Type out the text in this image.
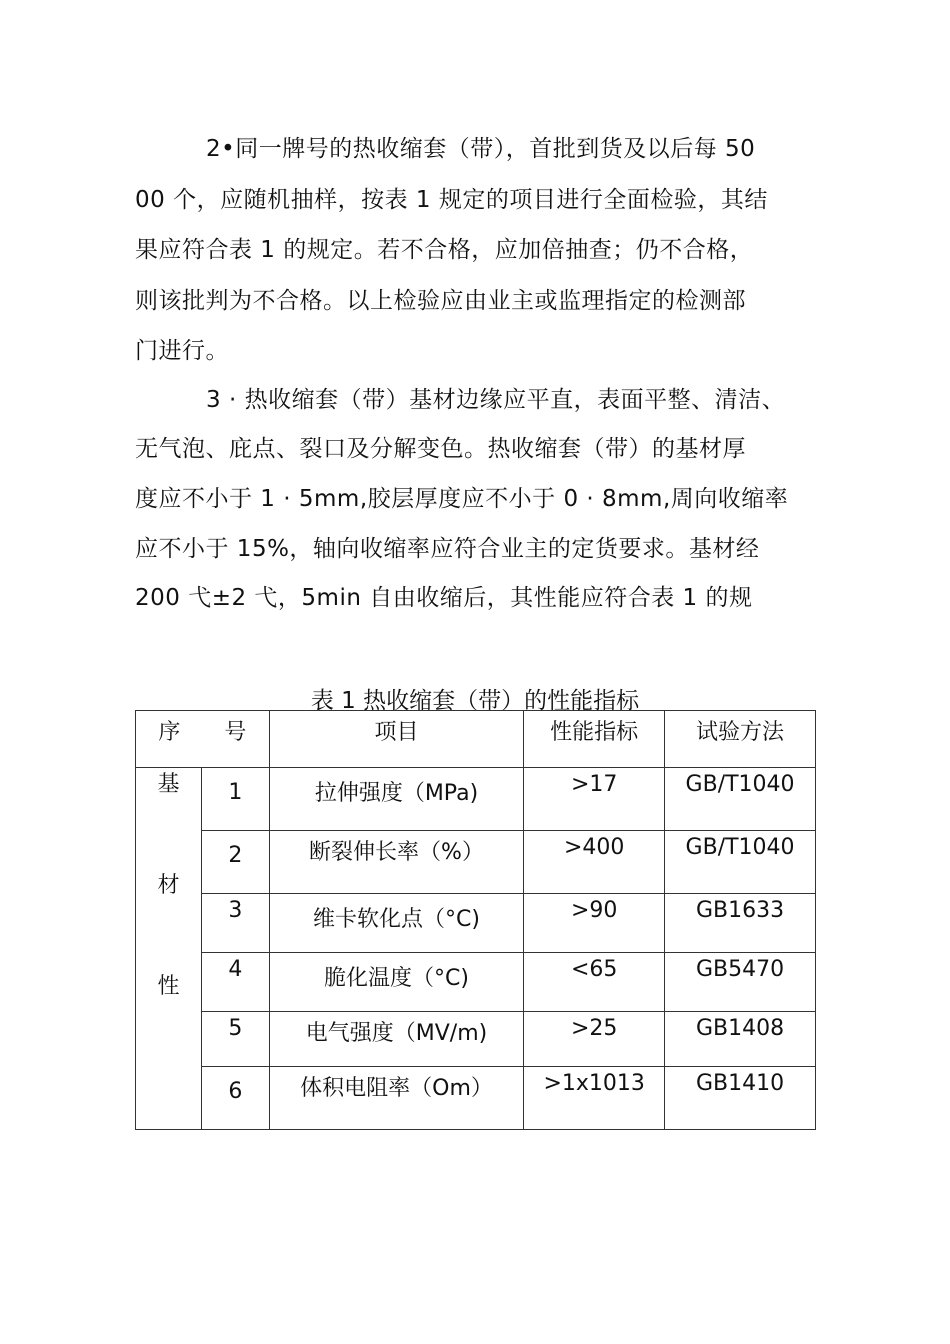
2•同一牌号的热收缩套（带），首批到货及以后每 50
00 个，应随机抽样，按表 1 规定的项目进行全面检验，其结
果应符合表 1 的规定。若不合格，应加倍抽查；仍不合格，
则该批判为不合格。以上检验应由业主或监理指定的检测部
门进行。
3 · 热收缩套（带）基材边缘应平直，表面平整、清洁、
无气泡、庇点、裂口及分解变色。热收缩套（带）的基材厚
度应不小于 1 · 5mm,胶层厚度应不小于 0 · 8mm,周向收缩率
应不小于 15%，轴向收缩率应符合业主的定货要求。基材经
200 弋±2 弋，5min 自由收缩后，其性能应符合表 1 的规
表 1 热收缩套（带）的性能指标
序　　号		项目	性能指标	试验方法

基
材
性	1	拉伸强度（MPa)	>17	GB/T1040
	2	断裂伸长率（%）	>400	GB/T1040
	3	维卡软化点（°C)	>90	GB1633
	4	脆化温度（°C)	<65	GB5470
	5	电气强度（MV/m)	>25	GB1408
	6	体积电阻率（Om）	>1x1013	GB1410
